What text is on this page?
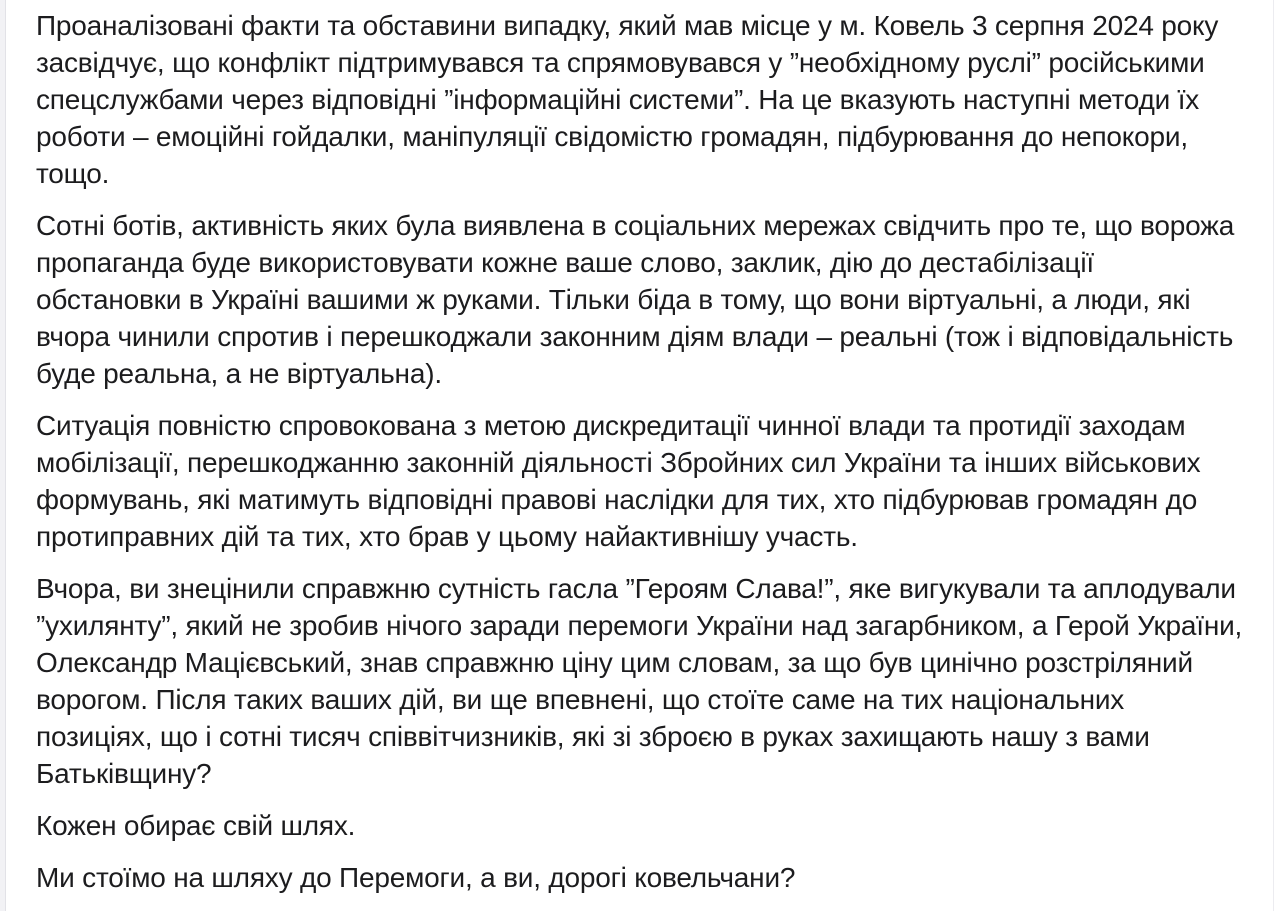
Проаналізовані факти та обставини випадку, який мав місце у м. Ковель 3 серпня 2024 року засвідчує, що конфлікт підтримувався та спрямовувався у ”необхідному руслі” російськими спецслужбами через відповідні ”інформаційні системи”. На це вказують наступні методи їх роботи – емоційні гойдалки, маніпуляції свідомістю громадян, підбурювання до непокори, тощо.

Сотні ботів, активність яких була виявлена в соціальних мережах свідчить про те, що ворожа пропаганда буде використовувати кожне ваше слово, заклик, дію до дестабілізації обстановки в Україні вашими ж руками. Тільки біда в тому, що вони віртуальні, а люди, які вчора чинили спротив і перешкоджали законним діям влади – реальні (тож і відповідальність буде реальна, а не віртуальна).

Ситуація повністю спровокована з метою дискредитації чинної влади та протидії заходам мобілізації, перешкоджанню законній діяльності Збройних сил України та інших військових формувань, які матимуть відповідні правові наслідки для тих, хто підбурював громадян до протиправних дій та тих, хто брав у цьому найактивнішу участь.

Вчора, ви знецінили справжню сутність гасла ”Героям Слава!”, яке вигукували та аплодували ”ухилянту”, який не зробив нічого заради перемоги України над загарбником, а Герой України, Олександр Мацієвський, знав справжню ціну цим словам, за що був цинічно розстріляний ворогом. Після таких ваших дій, ви ще впевнені, що стоїте саме на тих національних позиціях, що і сотні тисяч співвітчизників, які зі зброєю в руках захищають нашу з вами Батьківщину?

Кожен обирає свій шлях.

Ми стоїмо на шляху до Перемоги, а ви, дорогі ковельчани?
